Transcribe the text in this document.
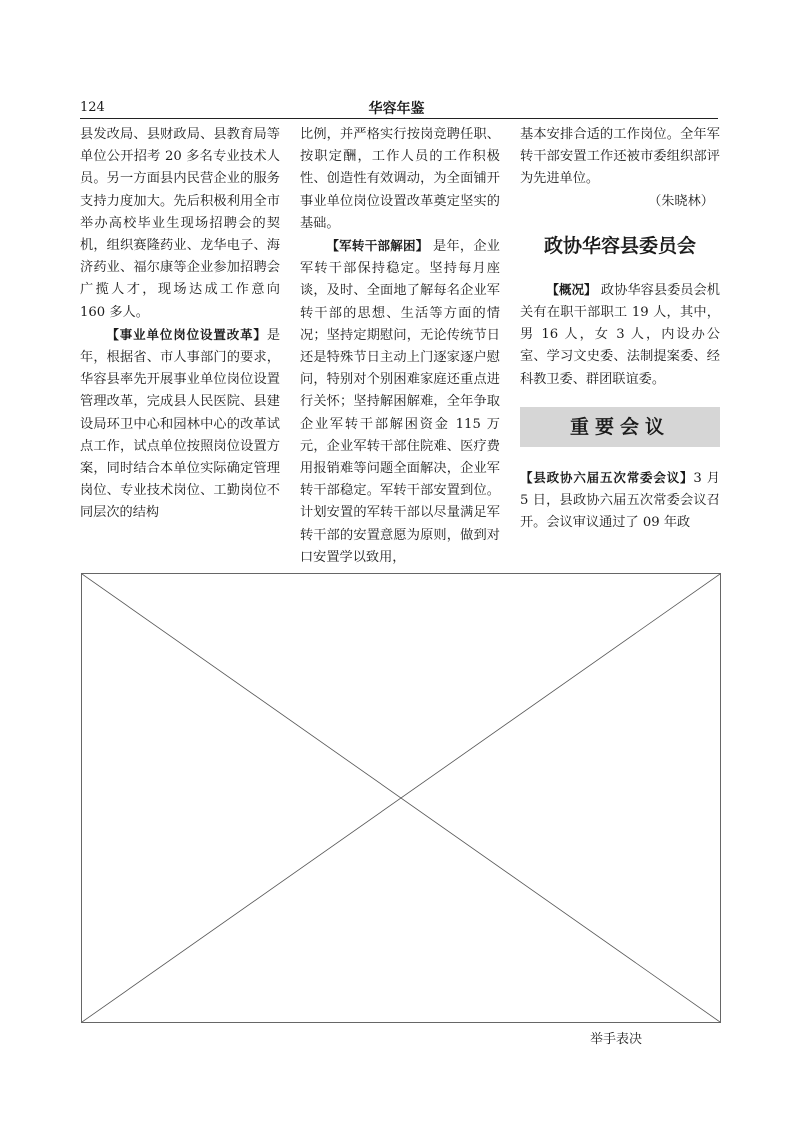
124	华容年鉴

县发改局、县财政局、县教育局等单位公开招考 20 多名专业技术人员。另一方面县内民营企业的服务支持力度加大。先后积极利用全市举办高校毕业生现场招聘会的契机，组织赛隆药业、龙华电子、海济药业、福尔康等企业参加招聘会广揽人才，现场达成工作意向 160 多人。

【事业单位岗位设置改革】是年，根据省、市人事部门的要求，华容县率先开展事业单位岗位设置管理改革，完成县人民医院、县建设局环卫中心和园林中心的改革试点工作，试点单位按照岗位设置方案，同时结合本单位实际确定管理岗位、专业技术岗位、工勤岗位不同层次的结构

比例，并严格实行按岗竞聘任职、按职定酬，工作人员的工作积极性、创造性有效调动，为全面铺开事业单位岗位设置改革奠定坚实的基础。

【军转干部解困】 是年，企业军转干部保持稳定。坚持每月座谈，及时、全面地了解每名企业军转干部的思想、生活等方面的情况；坚持定期慰问，无论传统节日还是特殊节日主动上门逐家逐户慰问，特别对个别困难家庭还重点进行关怀；坚持解困解难，全年争取企业军转干部解困资金 115 万元，企业军转干部住院难、医疗费用报销难等问题全面解决，企业军转干部稳定。军转干部安置到位。计划安置的军转干部以尽量满足军转干部的安置意愿为原则，做到对口安置学以致用，

基本安排合适的工作岗位。全年军转干部安置工作还被市委组织部评为先进单位。

（朱晓林）

政协华容县委员会

【概况】 政协华容县委员会机关有在职干部职工 19 人，其中，男 16 人，女 3 人，内设办公室、学习文史委、法制提案委、经科教卫委、群团联谊委。

重要会议

【县政协六届五次常委会议】3 月 5 日，县政协六届五次常委会议召开。会议审议通过了 09 年政

举手表决
